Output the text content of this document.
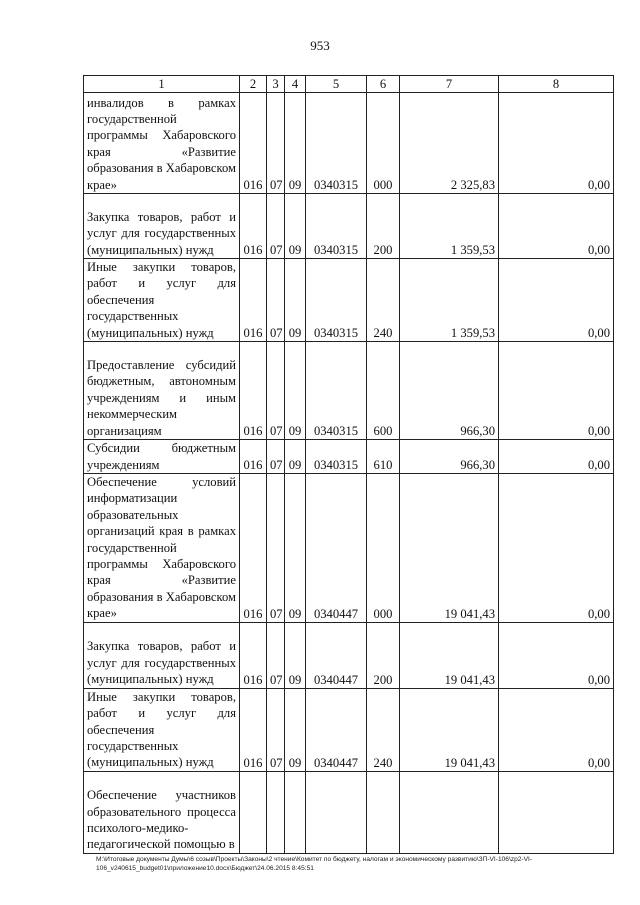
953
1	2	3	4	5	6	7	8
инвалидов в рамках государственной программы Хабаровского края «Развитие образования в Хабаровском крае»	016	07	09	0340315	000	2 325,83	0,00
Закупка товаров, работ и услуг для государственных (муниципальных) нужд	016	07	09	0340315	200	1 359,53	0,00
Иные закупки товаров, работ и услуг для обеспечения государственных (муниципальных) нужд	016	07	09	0340315	240	1 359,53	0,00
Предоставление субсидий бюджетным, автономным учреждениям и иным некоммерческим организациям	016	07	09	0340315	600	966,30	0,00
Субсидии бюджетным учреждениям	016	07	09	0340315	610	966,30	0,00
Обеспечение условий информатизации образовательных организаций края в рамках государственной программы Хабаровского края «Развитие образования в Хабаровском крае»	016	07	09	0340447	000	19 041,43	0,00
Закупка товаров, работ и услуг для государственных (муниципальных) нужд	016	07	09	0340447	200	19 041,43	0,00
Иные закупки товаров, работ и услуг для обеспечения государственных (муниципальных) нужд	016	07	09	0340447	240	19 041,43	0,00
Обеспечение участников образовательного процесса психолого-медико-педагогической помощью в							
M:\Итоговые документы Думы\6 созыв\Проекты\Законы\2 чтение\Комитет по бюджету, налогам и экономическому развитию\ЗП-VI-106\zp2-VI-106_v240615_budget01\приложение10.docx\Бюджет\24.06.2015 8:45:51
